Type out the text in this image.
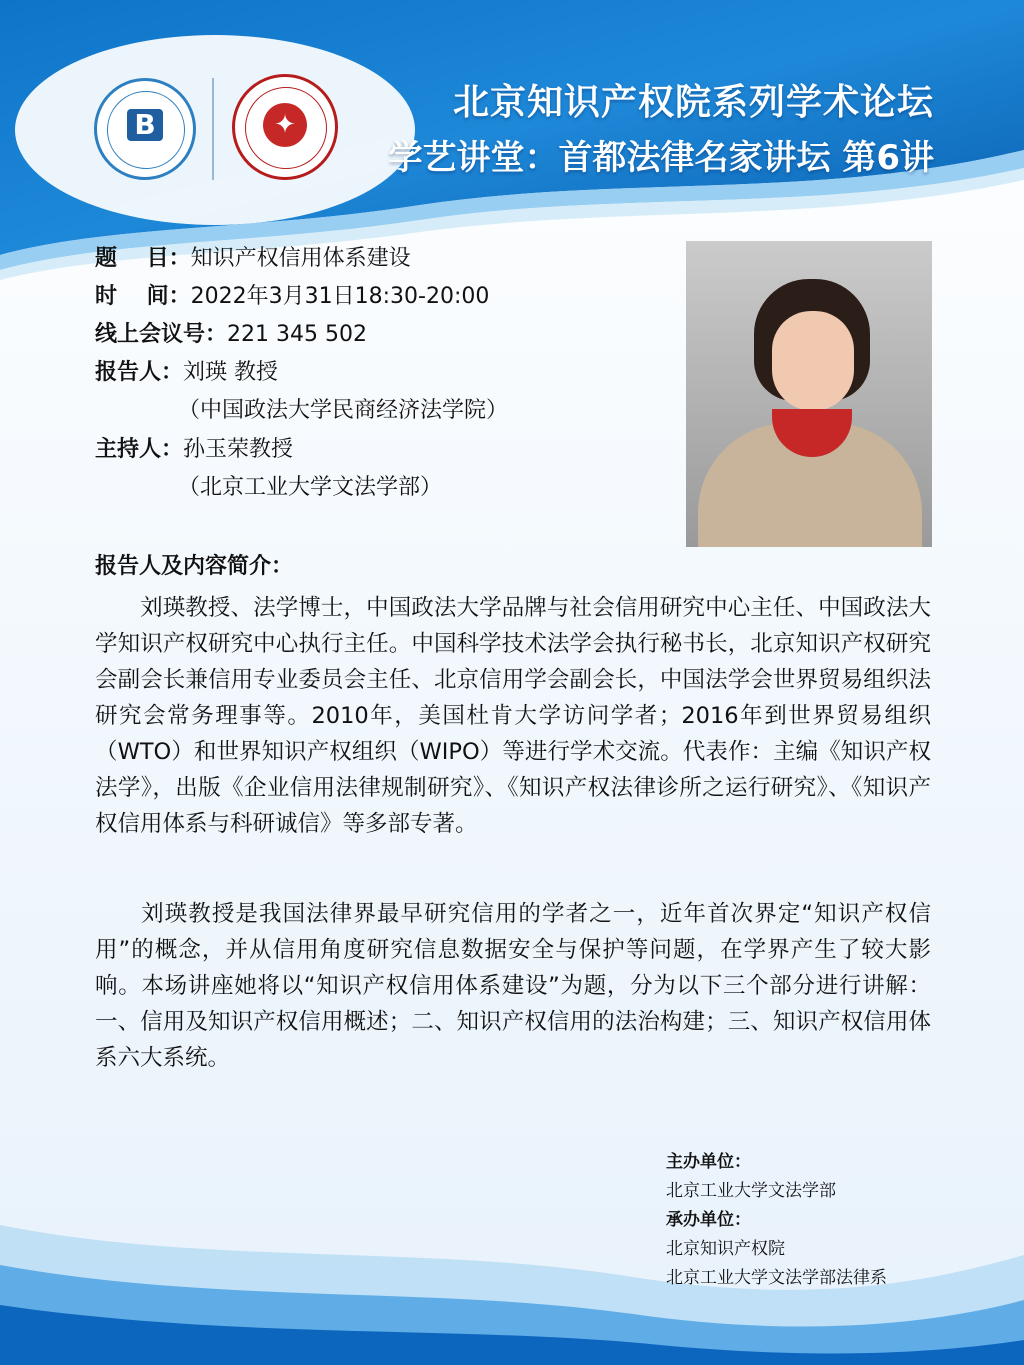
B	✦
北京知识产权院系列学术论坛
学艺讲堂：首都法律名家讲坛 第6讲
题　 目：知识产权信用体系建设
时　 间：2022年3月31日18:30-20:00
线上会议号：221 345 502
报告人：刘瑛 教授
（中国政法大学民商经济法学院）
主持人：孙玉荣教授
（北京工业大学文法学部）
报告人及内容简介：
刘瑛教授、法学博士，中国政法大学品牌与社会信用研究中心主任、中国政法大学知识产权研究中心执行主任。中国科学技术法学会执行秘书长，北京知识产权研究会副会长兼信用专业委员会主任、北京信用学会副会长，中国法学会世界贸易组织法研究会常务理事等。2010年，美国杜肯大学访问学者；2016年到世界贸易组织（WTO）和世界知识产权组织（WIPO）等进行学术交流。代表作：主编《知识产权法学》，出版《企业信用法律规制研究》、《知识产权法律诊所之运行研究》、《知识产权信用体系与科研诚信》等多部专著。
刘瑛教授是我国法律界最早研究信用的学者之一，近年首次界定“知识产权信用”的概念，并从信用角度研究信息数据安全与保护等问题，在学界产生了较大影响。本场讲座她将以“知识产权信用体系建设”为题，分为以下三个部分进行讲解：一、信用及知识产权信用概述；二、知识产权信用的法治构建；三、知识产权信用体系六大系统。
主办单位：
北京工业大学文法学部
承办单位：
北京知识产权院
北京工业大学文法学部法律系
